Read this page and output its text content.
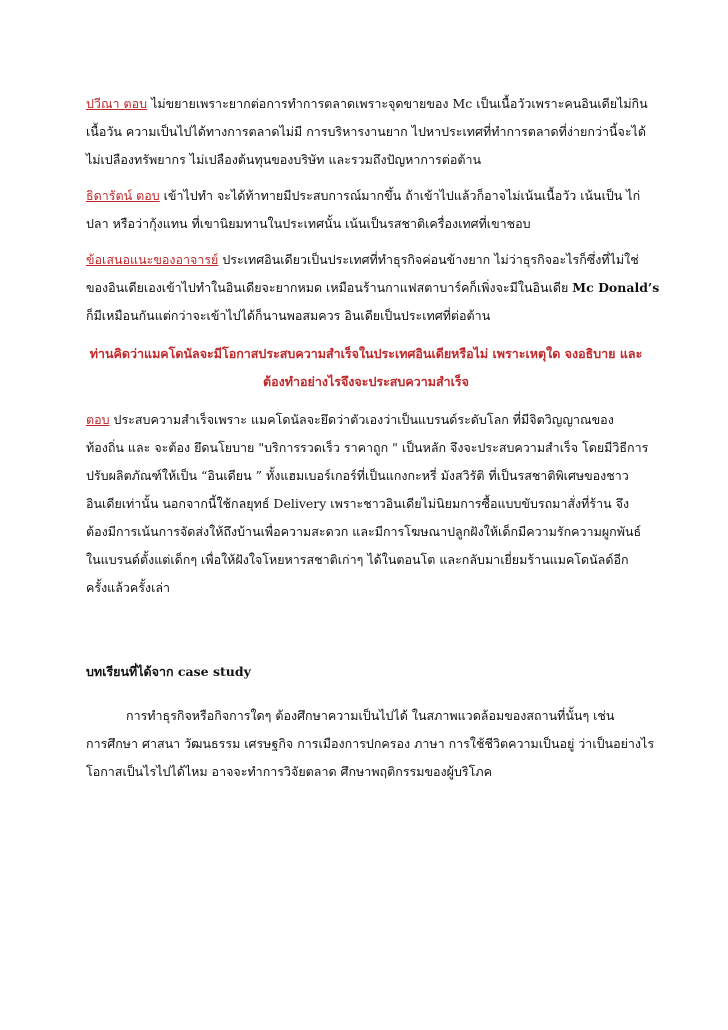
ปวีณา ตอบ ไม่ขยายเพราะยากต่อการทำการตลาดเพราะจุดขายของ Mc เป็นเนื้อวัวเพราะคนอินเดียไม่กิน
เนื้อวัน ความเป็นไปได้ทางการตลาดไม่มี การบริหารงานยาก ไปหาประเทศที่ทำการตลาดที่ง่ายกว่านี้จะได้
ไม่เปลืองทรัพยากร ไม่เปลืองต้นทุนของบริษัท และรวมถึงปัญหาการต่อต้าน
ธิดารัตน์ ตอบ เข้าไปทำ จะได้ท้าทายมีประสบการณ์มากขึ้น ถ้าเข้าไปแล้วก็อาจไม่เน้นเนื้อวัว เน้นเป็น ไก่
ปลา หรือว่ากุ้งแทน ที่เขานิยมทานในประเทศนั้น เน้นเป็นรสชาติเครื่องเทศที่เขาชอบ
ข้อเสนอแนะของอาจารย์ ประเทศอินเดียวเป็นประเทศที่ทำธุรกิจค่อนข้างยาก ไม่ว่าธุรกิจอะไรก็ซึ่งที่ไม่ใช่
ของอินเดียเองเข้าไปทำในอินเดียจะยากหมด เหมือนร้านกาแฟสตาบาร์คก็เพิ่งจะมีในอินเดีย Mc Donald’s
ก็มีเหมือนกันแต่กว่าจะเข้าไปได้ก็นานพอสมควร อินเดียเป็นประเทศที่ต่อต้าน
ท่านคิดว่าแมคโดนัลจะมีโอกาสประสบความสำเร็จในประเทศอินเดียหรือไม่ เพราะเหตุใด จงอธิบาย และ
ต้องทำอย่างไรจึงจะประสบความสำเร็จ
ตอบ ประสบความสำเร็จเพราะ แมคโดนัลจะยึดว่าตัวเองว่าเป็นแบรนด์ระดับโลก ที่มีจิตวิญญาณของ
ท้องถิ่น และ จะต้อง ยึดนโยบาย "บริการรวดเร็ว ราคาถูก " เป็นหลัก จึงจะประสบความสำเร็จ โดยมีวิธีการ
ปรับผลิตภัณฑ์ให้เป็น “อินเดียน ” ทั้งแฮมเบอร์เกอร์ที่เป็นแกงกะหรี่ มังสวิรัติ ที่เป็นรสชาติพิเศษของชาว
อินเดียเท่านั้น นอกจากนี้ใช้กลยุทธ์ Delivery เพราะชาวอินเดียไม่นิยมการซื้อแบบขับรถมาสั่งที่ร้าน จึง
ต้องมีการเน้นการจัดส่งให้ถึงบ้านเพื่อความสะดวก และมีการโฆษณาปลูกฝังให้เด็กมีความรักความผูกพันธ์
ในแบรนด์ตั้งแต่เด็กๆ เพื่อให้ฝังใจโหยหารสชาติเก่าๆ ได้ในตอนโต และกลับมาเยี่ยมร้านแมคโดนัลด์อีก
ครั้งแล้วครั้งเล่า
บทเรียนที่ได้จาก case study
การทำธุรกิจหรือกิจการใดๆ ต้องศึกษาความเป็นไปได้ ในสภาพแวดล้อมของสถานที่นั้นๆ เช่น
การศึกษา ศาสนา วัฒนธรรม เศรษฐกิจ การเมืองการปกครอง ภาษา การใช้ชีวิตความเป็นอยู่ ว่าเป็นอย่างไร
โอกาสเป็นไรไปได้ไหม อาจจะทำการวิจัยตลาด ศึกษาพฤติกรรมของผู้บริโภค
